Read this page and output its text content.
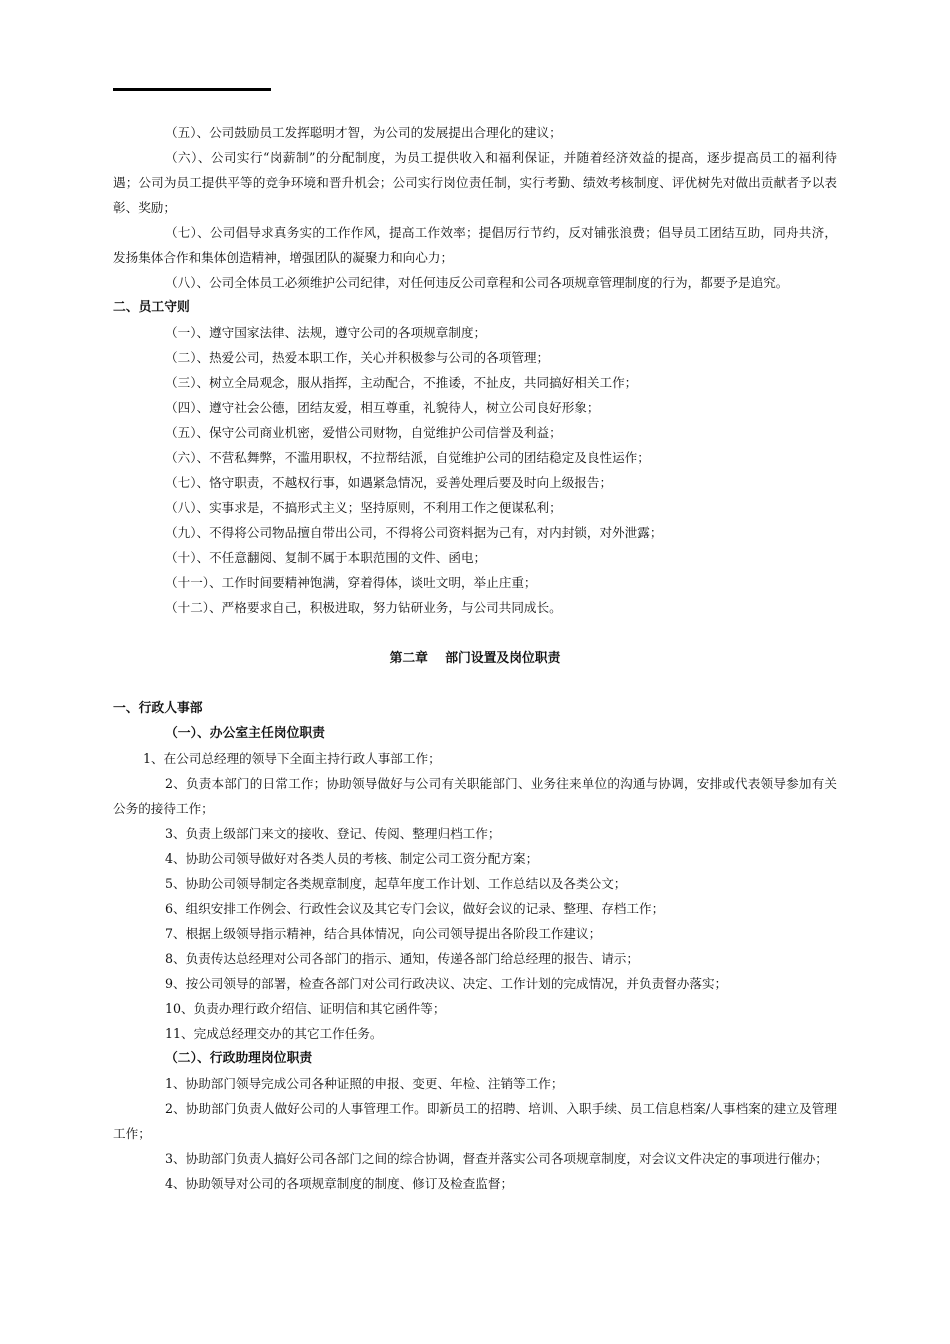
（五）、公司鼓励员工发挥聪明才智，为公司的发展提出合理化的建议；

（六）、公司实行“岗薪制”的分配制度，为员工提供收入和福利保证，并随着经济效益的提高，逐步提高员工的福利待遇；公司为员工提供平等的竞争环境和晋升机会；公司实行岗位责任制，实行考勤、绩效考核制度、评优树先对做出贡献者予以表彰、奖励；

（七）、公司倡导求真务实的工作作风，提高工作效率；提倡厉行节约，反对铺张浪费；倡导员工团结互助，同舟共济，发扬集体合作和集体创造精神，增强团队的凝聚力和向心力；

（八）、公司全体员工必须维护公司纪律，对任何违反公司章程和公司各项规章管理制度的行为，都要予是追究。

二、员工守则

（一）、遵守国家法律、法规，遵守公司的各项规章制度；

（二）、热爱公司，热爱本职工作，关心并积极参与公司的各项管理；

（三）、树立全局观念，服从指挥，主动配合，不推诿，不扯皮，共同搞好相关工作；

（四）、遵守社会公德，团结友爱，相互尊重，礼貌待人，树立公司良好形象；

（五）、保守公司商业机密，爱惜公司财物，自觉维护公司信誉及利益；

（六）、不营私舞弊，不滥用职权，不拉帮结派，自觉维护公司的团结稳定及良性运作；

（七）、恪守职责，不越权行事，如遇紧急情况，妥善处理后要及时向上级报告；

（八）、实事求是，不搞形式主义；坚持原则，不利用工作之便谋私利；

（九）、不得将公司物品擅自带出公司，不得将公司资料据为己有，对内封锁，对外泄露；

（十）、不任意翻阅、复制不属于本职范围的文件、函电；

（十一）、工作时间要精神饱满，穿着得体，谈吐文明，举止庄重；

（十二）、严格要求自己，积极进取，努力钻研业务，与公司共同成长。

第二章　 部门设置及岗位职责

一、行政人事部

（一）、办公室主任岗位职责

1、在公司总经理的领导下全面主持行政人事部工作；

2、负责本部门的日常工作；协助领导做好与公司有关职能部门、业务往来单位的沟通与协调，安排或代表领导参加有关公务的接待工作；

3、负责上级部门来文的接收、登记、传阅、整理归档工作；

4、协助公司领导做好对各类人员的考核、制定公司工资分配方案；

5、协助公司领导制定各类规章制度，起草年度工作计划、工作总结以及各类公文；

6、组织安排工作例会、行政性会议及其它专门会议，做好会议的记录、整理、存档工作；

7、根据上级领导指示精神，结合具体情况，向公司领导提出各阶段工作建议；

8、负责传达总经理对公司各部门的指示、通知，传递各部门给总经理的报告、请示；

9、按公司领导的部署，检查各部门对公司行政决议、决定、工作计划的完成情况，并负责督办落实；

10、负责办理行政介绍信、证明信和其它函件等；

11、完成总经理交办的其它工作任务。

（二）、行政助理岗位职责

1、协助部门领导完成公司各种证照的申报、变更、年检、注销等工作；

2、协助部门负责人做好公司的人事管理工作。即新员工的招聘、培训、入职手续、员工信息档案/人事档案的建立及管理工作；

3、协助部门负责人搞好公司各部门之间的综合协调，督查并落实公司各项规章制度，对会议文件决定的事项进行催办；

4、协助领导对公司的各项规章制度的制度、修订及检查监督；
